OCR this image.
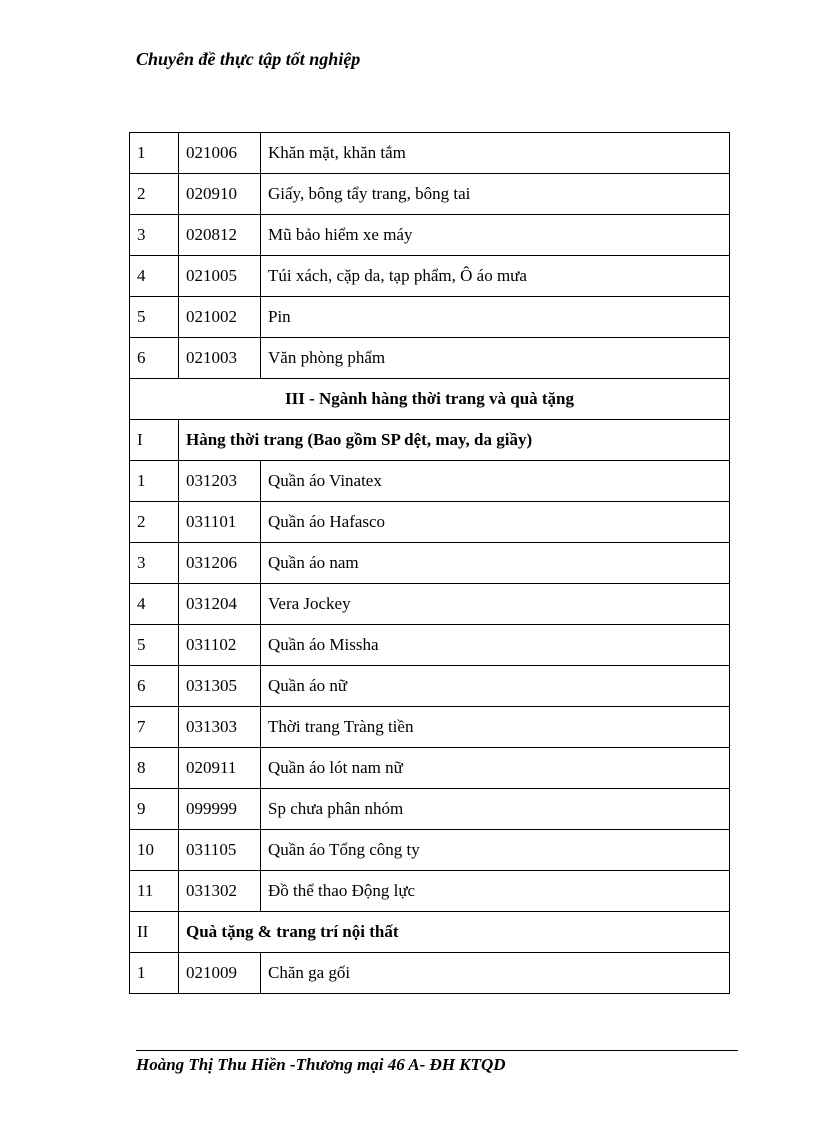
Chuyên đề thực tập tốt nghiệp
1	021006	Khăn mặt, khăn tắm
2	020910	Giấy, bông tẩy trang, bông tai
3	020812	Mũ bảo hiểm xe máy
4	021005	Túi xách, cặp da, tạp phẩm, Ô áo mưa
5	021002	Pin
6	021003	Văn phòng phẩm
III - Ngành hàng thời trang và quà tặng		
I	Hàng thời trang (Bao gồm SP dệt, may, da giầy)	
1	031203	Quần áo Vinatex
2	031101	Quần áo Hafasco
3	031206	Quần áo nam
4	031204	Vera Jockey
5	031102	Quần áo Missha
6	031305	Quần áo nữ
7	031303	Thời trang Tràng tiền
8	020911	Quần áo lót nam nữ
9	099999	Sp chưa phân nhóm
10	031105	Quần áo Tổng công ty
11	031302	Đồ thể thao Động lực
II	Quà tặng & trang trí nội thất	
1	021009	Chăn ga gối
Hoàng Thị Thu Hiền -Thương mại 46 A- ĐH KTQD
